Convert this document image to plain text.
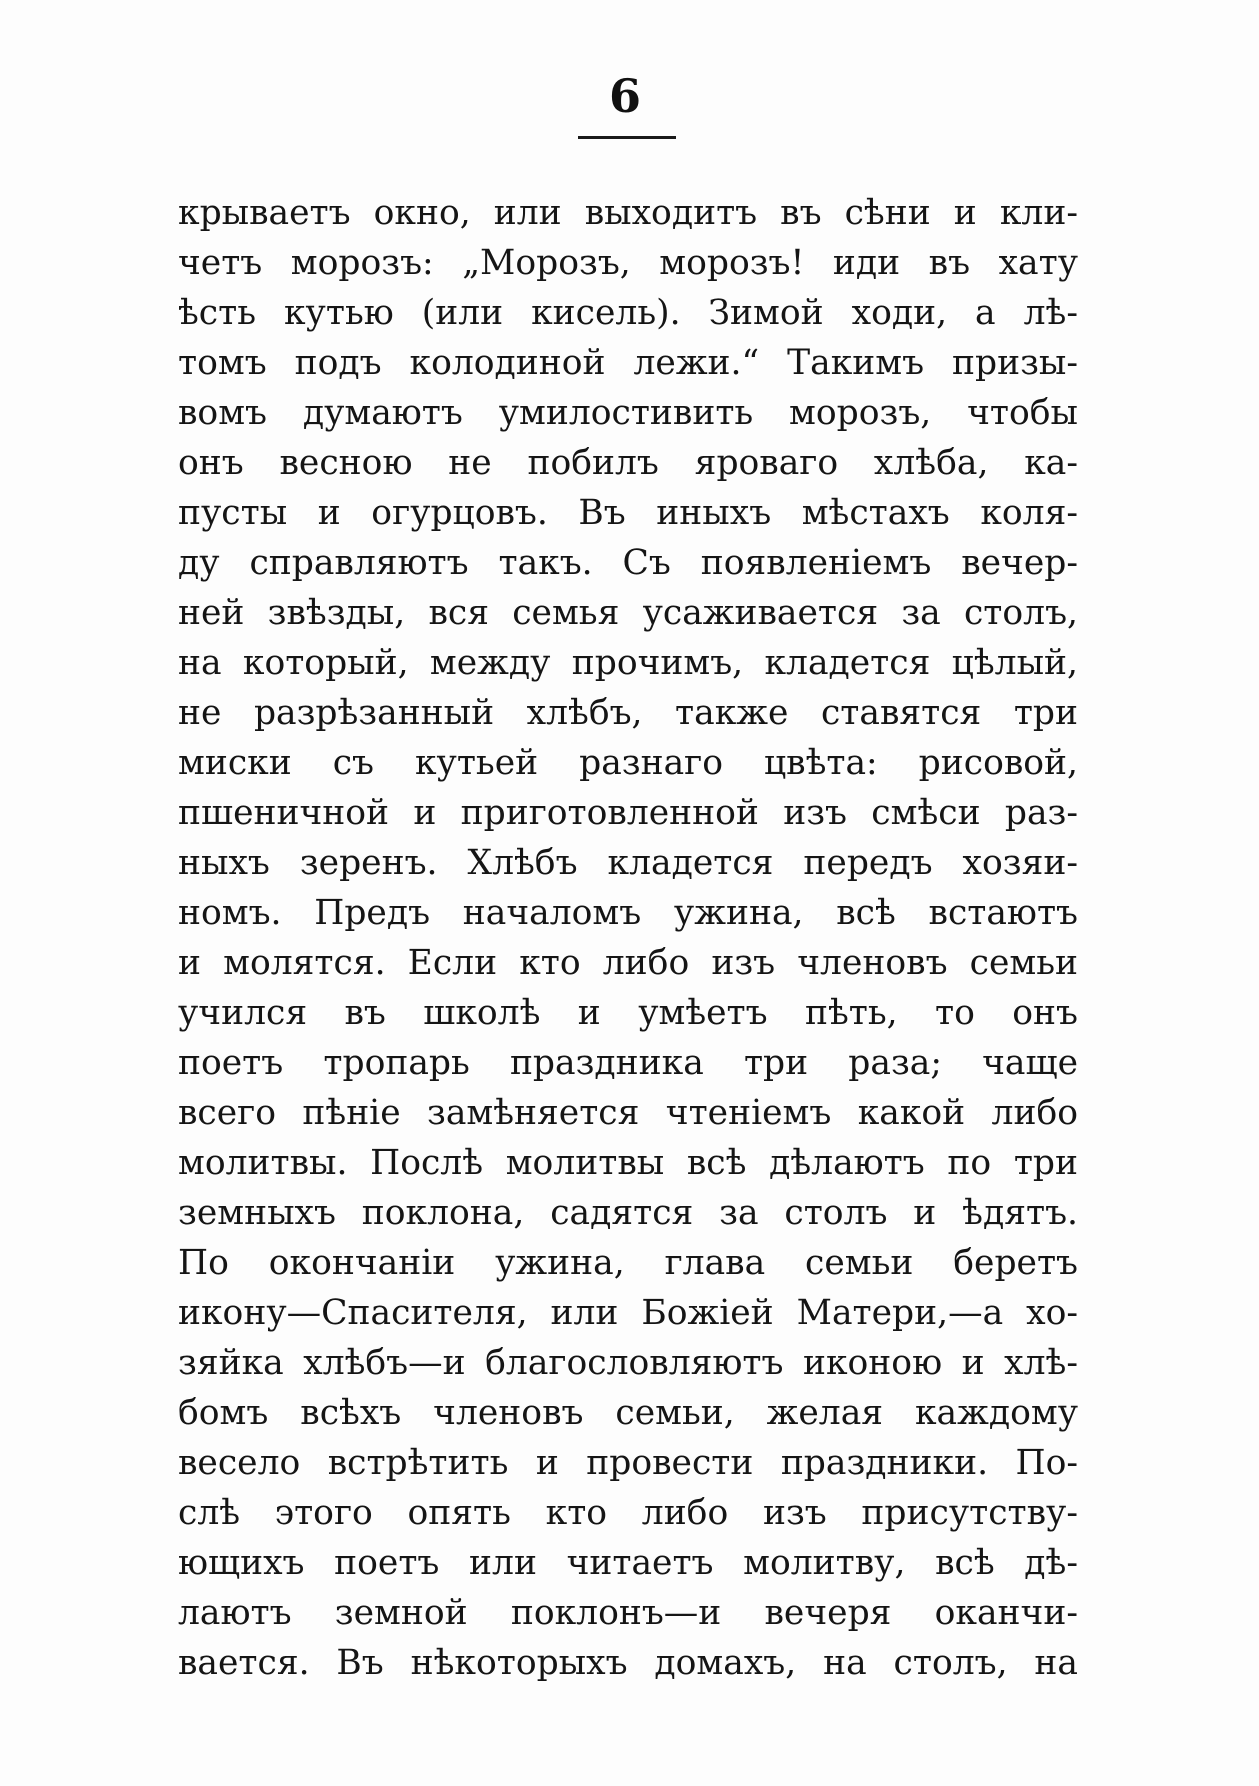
6
крываетъ окно, или выходитъ въ сѣни и кли-
четъ морозъ: „Морозъ, морозъ! иди въ хату
ѣсть кутью (или кисель). Зимой ходи, а лѣ-
томъ подъ колодиной лежи.“ Такимъ призы-
вомъ думаютъ умилостивить морозъ, чтобы
онъ весною не побилъ яроваго хлѣба, ка-
пусты и огурцовъ. Въ иныхъ мѣстахъ коля-
ду справляютъ такъ. Съ появленіемъ вечер-
ней звѣзды, вся семья усаживается за столъ,
на который, между прочимъ, кладется цѣлый,
не разрѣзанный хлѣбъ, также ставятся три
миски съ кутьей разнаго цвѣта: рисовой,
пшеничной и приготовленной изъ смѣси раз-
ныхъ зеренъ. Хлѣбъ кладется передъ хозяи-
номъ. Предъ началомъ ужина, всѣ встаютъ
и молятся. Если кто либо изъ членовъ семьи
учился въ школѣ и умѣетъ пѣть, то онъ
поетъ тропарь праздника три раза; чаще
всего пѣніе замѣняется чтеніемъ какой либо
молитвы. Послѣ молитвы всѣ дѣлаютъ по три
земныхъ поклона, садятся за столъ и ѣдятъ.
По окончаніи ужина, глава семьи беретъ
икону—Спасителя, или Божіей Матери,—а хо-
зяйка хлѣбъ—и благословляютъ иконою и хлѣ-
бомъ всѣхъ членовъ семьи, желая каждому
весело встрѣтить и провести праздники. По-
слѣ этого опять кто либо изъ присутству-
ющихъ поетъ или читаетъ молитву, всѣ дѣ-
лаютъ земной поклонъ—и вечеря оканчи-
вается. Въ нѣкоторыхъ домахъ, на столъ, на
